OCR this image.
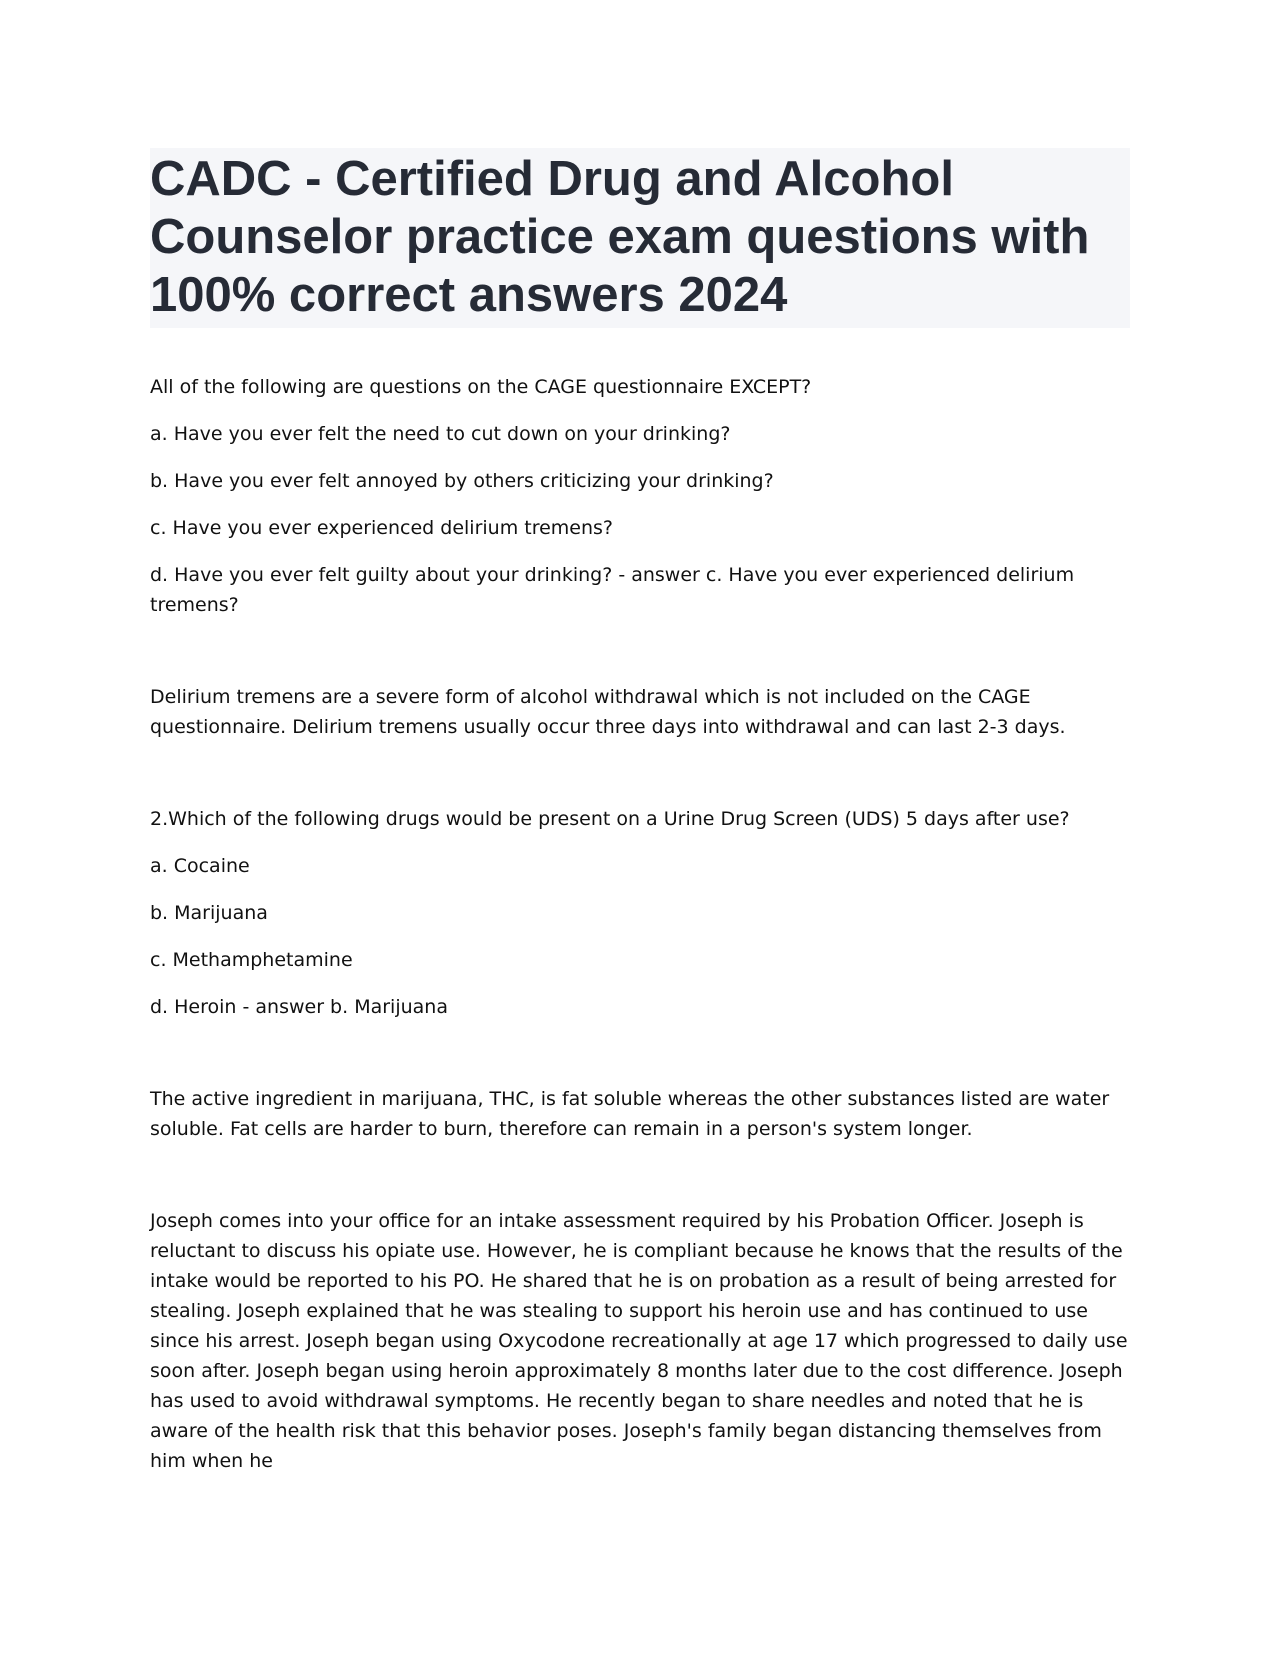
CADC - Certified Drug and Alcohol Counselor practice exam questions with 100% correct answers 2024

All of the following are questions on the CAGE questionnaire EXCEPT?

a. Have you ever felt the need to cut down on your drinking?

b. Have you ever felt annoyed by others criticizing your drinking?

c. Have you ever experienced delirium tremens?

d. Have you ever felt guilty about your drinking? - answer c. Have you ever experienced delirium tremens?

Delirium tremens are a severe form of alcohol withdrawal which is not included on the CAGE questionnaire. Delirium tremens usually occur three days into withdrawal and can last 2-3 days.

2.Which of the following drugs would be present on a Urine Drug Screen (UDS) 5 days after use?

a. Cocaine

b. Marijuana

c. Methamphetamine

d. Heroin - answer b. Marijuana

The active ingredient in marijuana, THC, is fat soluble whereas the other substances listed are water soluble. Fat cells are harder to burn, therefore can remain in a person's system longer.

Joseph comes into your office for an intake assessment required by his Probation Officer. Joseph is reluctant to discuss his opiate use. However, he is compliant because he knows that the results of the intake would be reported to his PO. He shared that he is on probation as a result of being arrested for stealing. Joseph explained that he was stealing to support his heroin use and has continued to use since his arrest. Joseph began using Oxycodone recreationally at age 17 which progressed to daily use soon after. Joseph began using heroin approximately 8 months later due to the cost difference. Joseph has used to avoid withdrawal symptoms. He recently began to share needles and noted that he is aware of the health risk that this behavior poses. Joseph's family began distancing themselves from him when he
